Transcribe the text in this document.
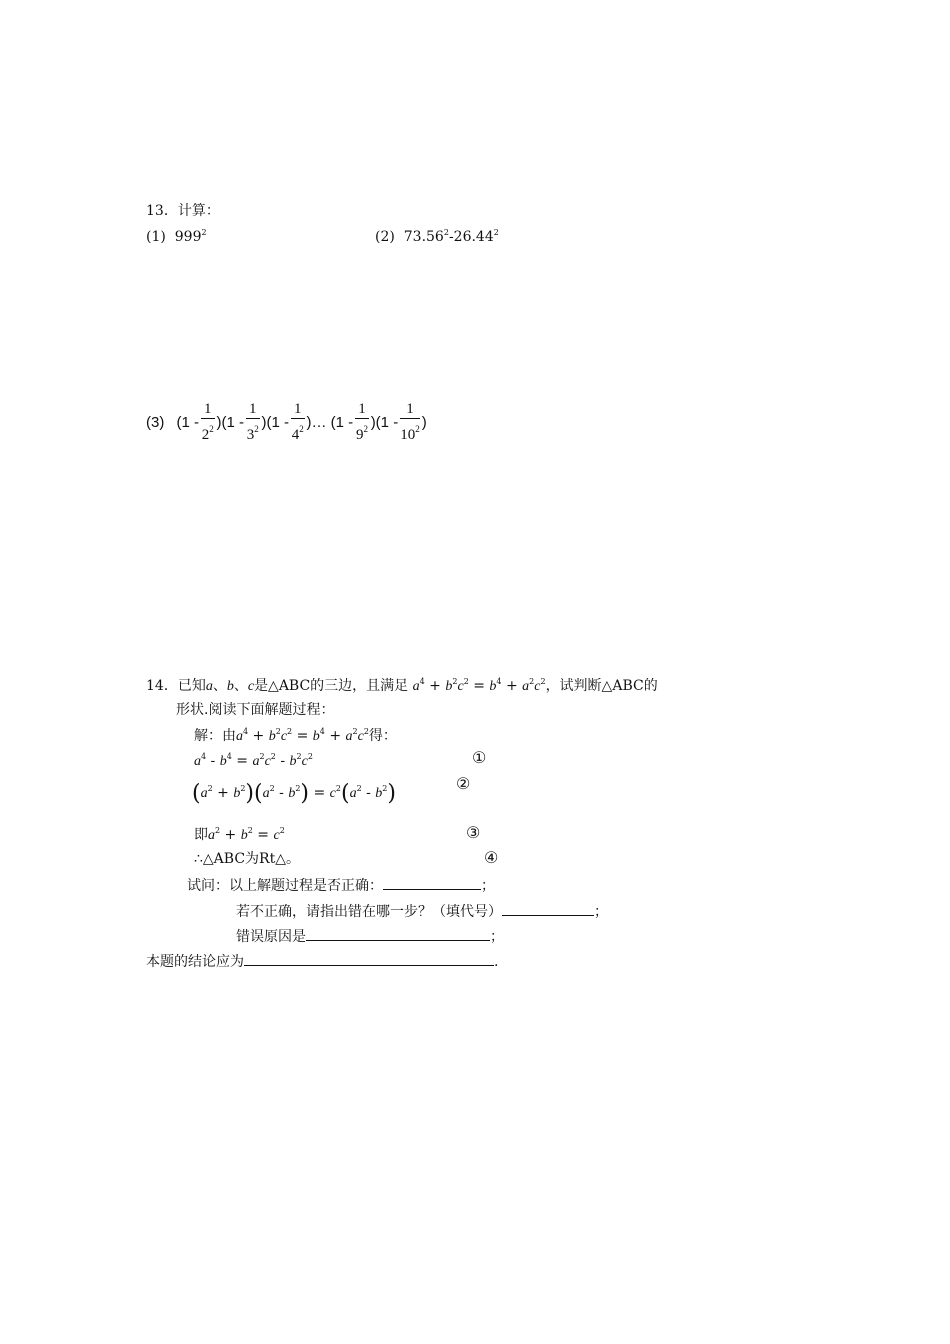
13．计算：
(1) $999^2$	(2) 73.56$^2$-26.44$^2$
(3) $(1 - \frac{1}{2^2} )(1 - \frac{1}{3^2} )(1 - \frac{1}{4^2}$ )… $(1 - \frac{1}{9^2} )(1 - \frac{1}{10^2}$ )
14．已知a、b、c是△ABC的三边，且满足 $a^4 + b^2c^2 = b^4 + a^2c^2$，试判断△ABC的
形状.阅读下面解题过程：
解：由$a^4 + b^2c^2 = b^4 + a^2c^2$得：
$a^4 - b^4 = a^2c^2 - b^2c^2$	①
$(a^2 + b^2)(a^2 - b^2) = c^2(a^2 - b^2)$	②
即$a^2 + b^2 = c^2$	③
∴△ABC为Rt△。	④
试问：以上解题过程是否正确：	；
若不正确，请指出错在哪一步？（填代号）	；
错误原因是	；
本题的结论应为	.
